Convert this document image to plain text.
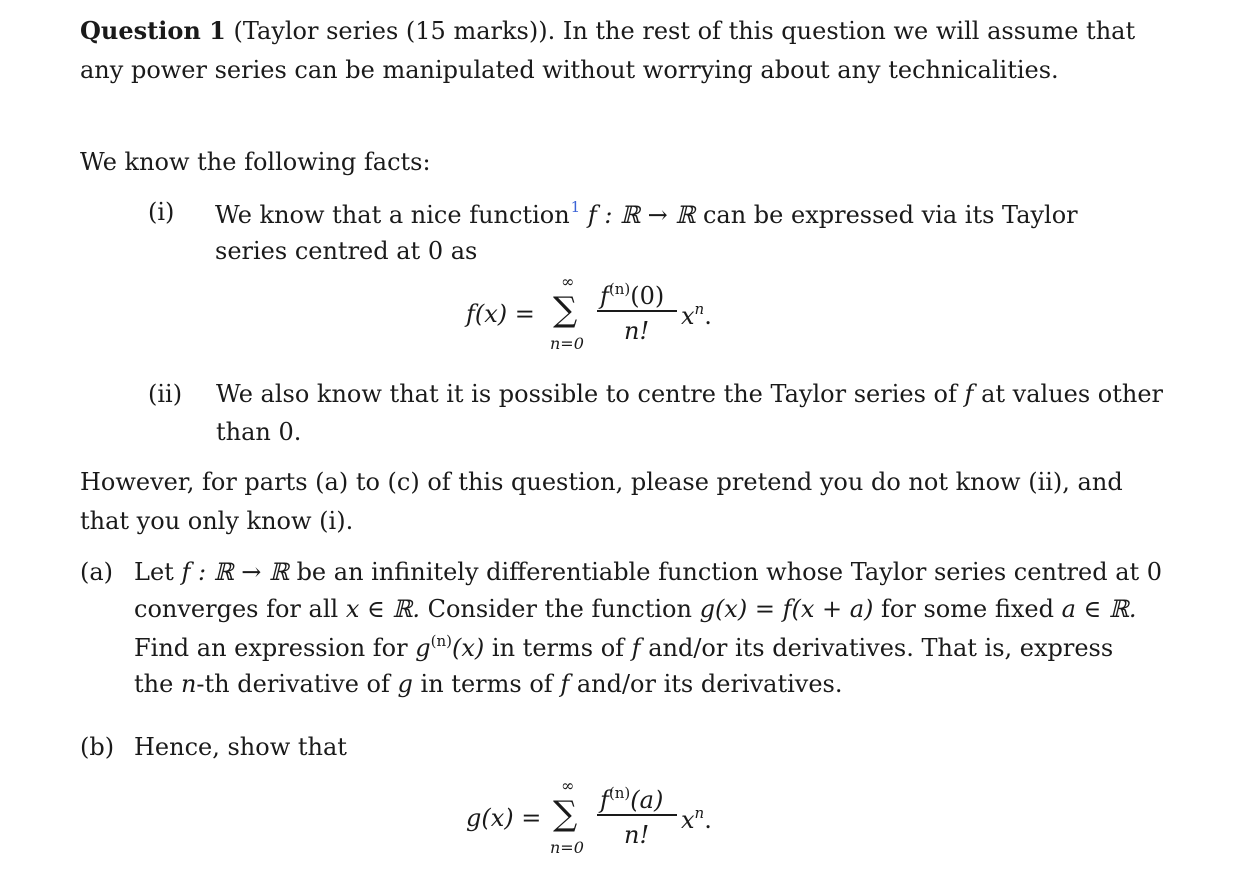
Question 1 (Taylor series (15 marks)). In the rest of this question we will assume that
any power series can be manipulated without worrying about any technicalities.
We know the following facts:
(i) We know that a nice function$^1$ f : ℝ → ℝ can be expressed via its Taylor
series centred at 0 as
f(x) =
∞
∑
n=0
$f^{(n)}(0)$
n!
$x^n$.
(ii) We also know that it is possible to centre the Taylor series of f at values other
than 0.
However, for parts (a) to (c) of this question, please pretend you do not know (ii), and
that you only know (i).
(a) Let f : ℝ → ℝ be an infinitely differentiable function whose Taylor series centred at 0
converges for all x ∈ ℝ. Consider the function g(x) = f(x + a) for some fixed a ∈ ℝ.
Find an expression for $g^{(n)}(x)$ in terms of f and/or its derivatives. That is, express
the n-th derivative of g in terms of f and/or its derivatives.
(b) Hence, show that
g(x) =
∞
∑
n=0
$f^{(n)}(a)$
n!
$x^n$.
